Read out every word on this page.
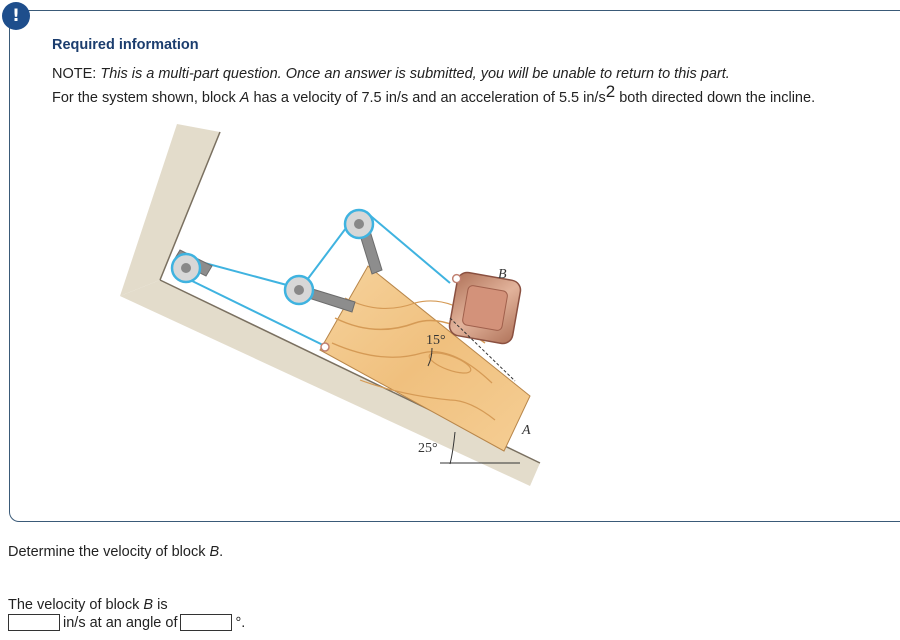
!
Required information
NOTE: This is a multi-part question. Once an answer is submitted, you will be unable to return to this part.
For the system shown, block A has a velocity of 7.5 in/s and an acceleration of 5.5 $in/s^2$ both directed down the incline.
B
A
15°
25°
Determine the velocity of block B.
The velocity of block B is
in/s at an angle of	°.
